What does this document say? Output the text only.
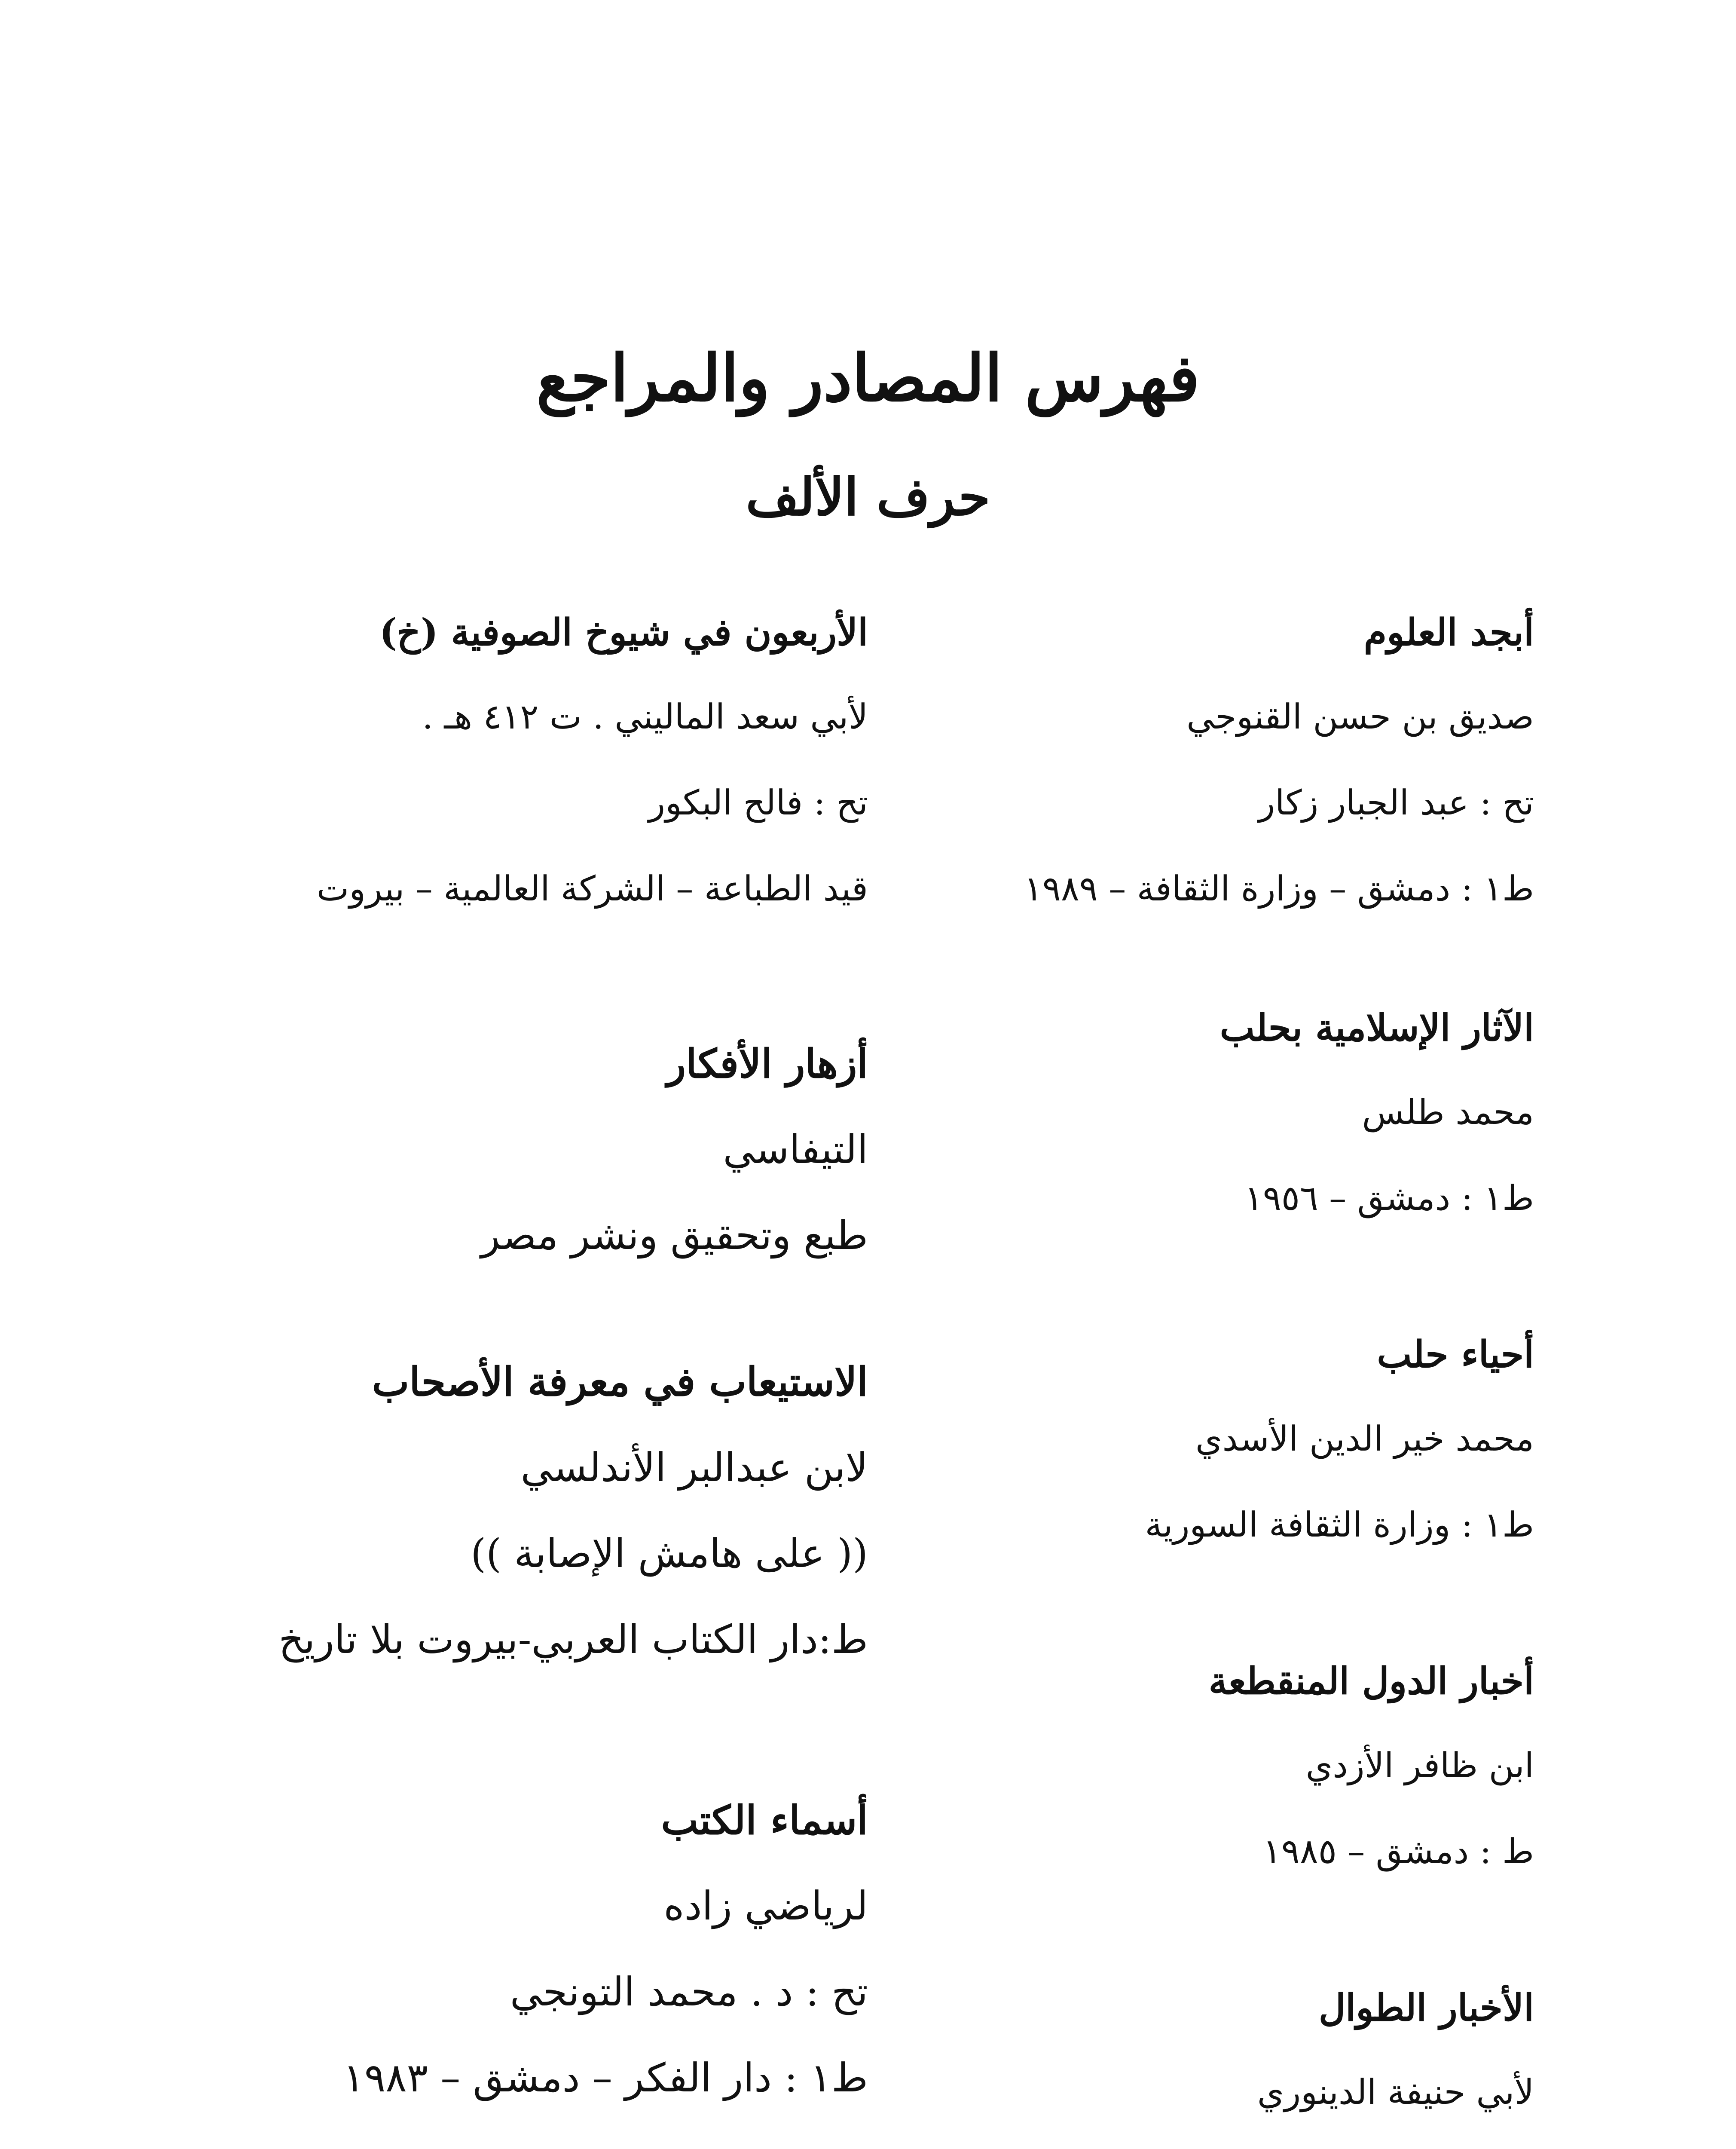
فهرس المصادر والمراجع
حرف الألف
أبجد العلوم
صديق بن حسن القنوجي
تح : عبد الجبار زكار
ط١ : دمشق – وزارة الثقافة – ١٩٨٩
الآثار الإسلامية بحلب
محمد طلس
ط١ : دمشق – ١٩٥٦
أحياء حلب
محمد خير الدين الأسدي
ط١ : وزارة الثقافة السورية
أخبار الدول المنقطعة
ابن ظافر الأزدي
ط : دمشق – ١٩٨٥
الأخبار الطوال
لأبي حنيفة الدينوري
الأربعون في شيوخ الصوفية (خ)
لأبي سعد الماليني . ت ٤١٢ هـ .
تح : فالح البكور
قيد الطباعة – الشركة العالمية – بيروت
أزهار الأفكار
التيفاسي
طبع وتحقيق ونشر مصر
الاستيعاب في معرفة الأصحاب
لابن عبدالبر الأندلسي
(( على هامش الإصابة ))
ط:دار الكتاب العربي-بيروت بلا تاريخ
أسماء الكتب
لرياضي زاده
تح : د . محمد التونجي
ط١ : دار الفكر – دمشق – ١٩٨٣
